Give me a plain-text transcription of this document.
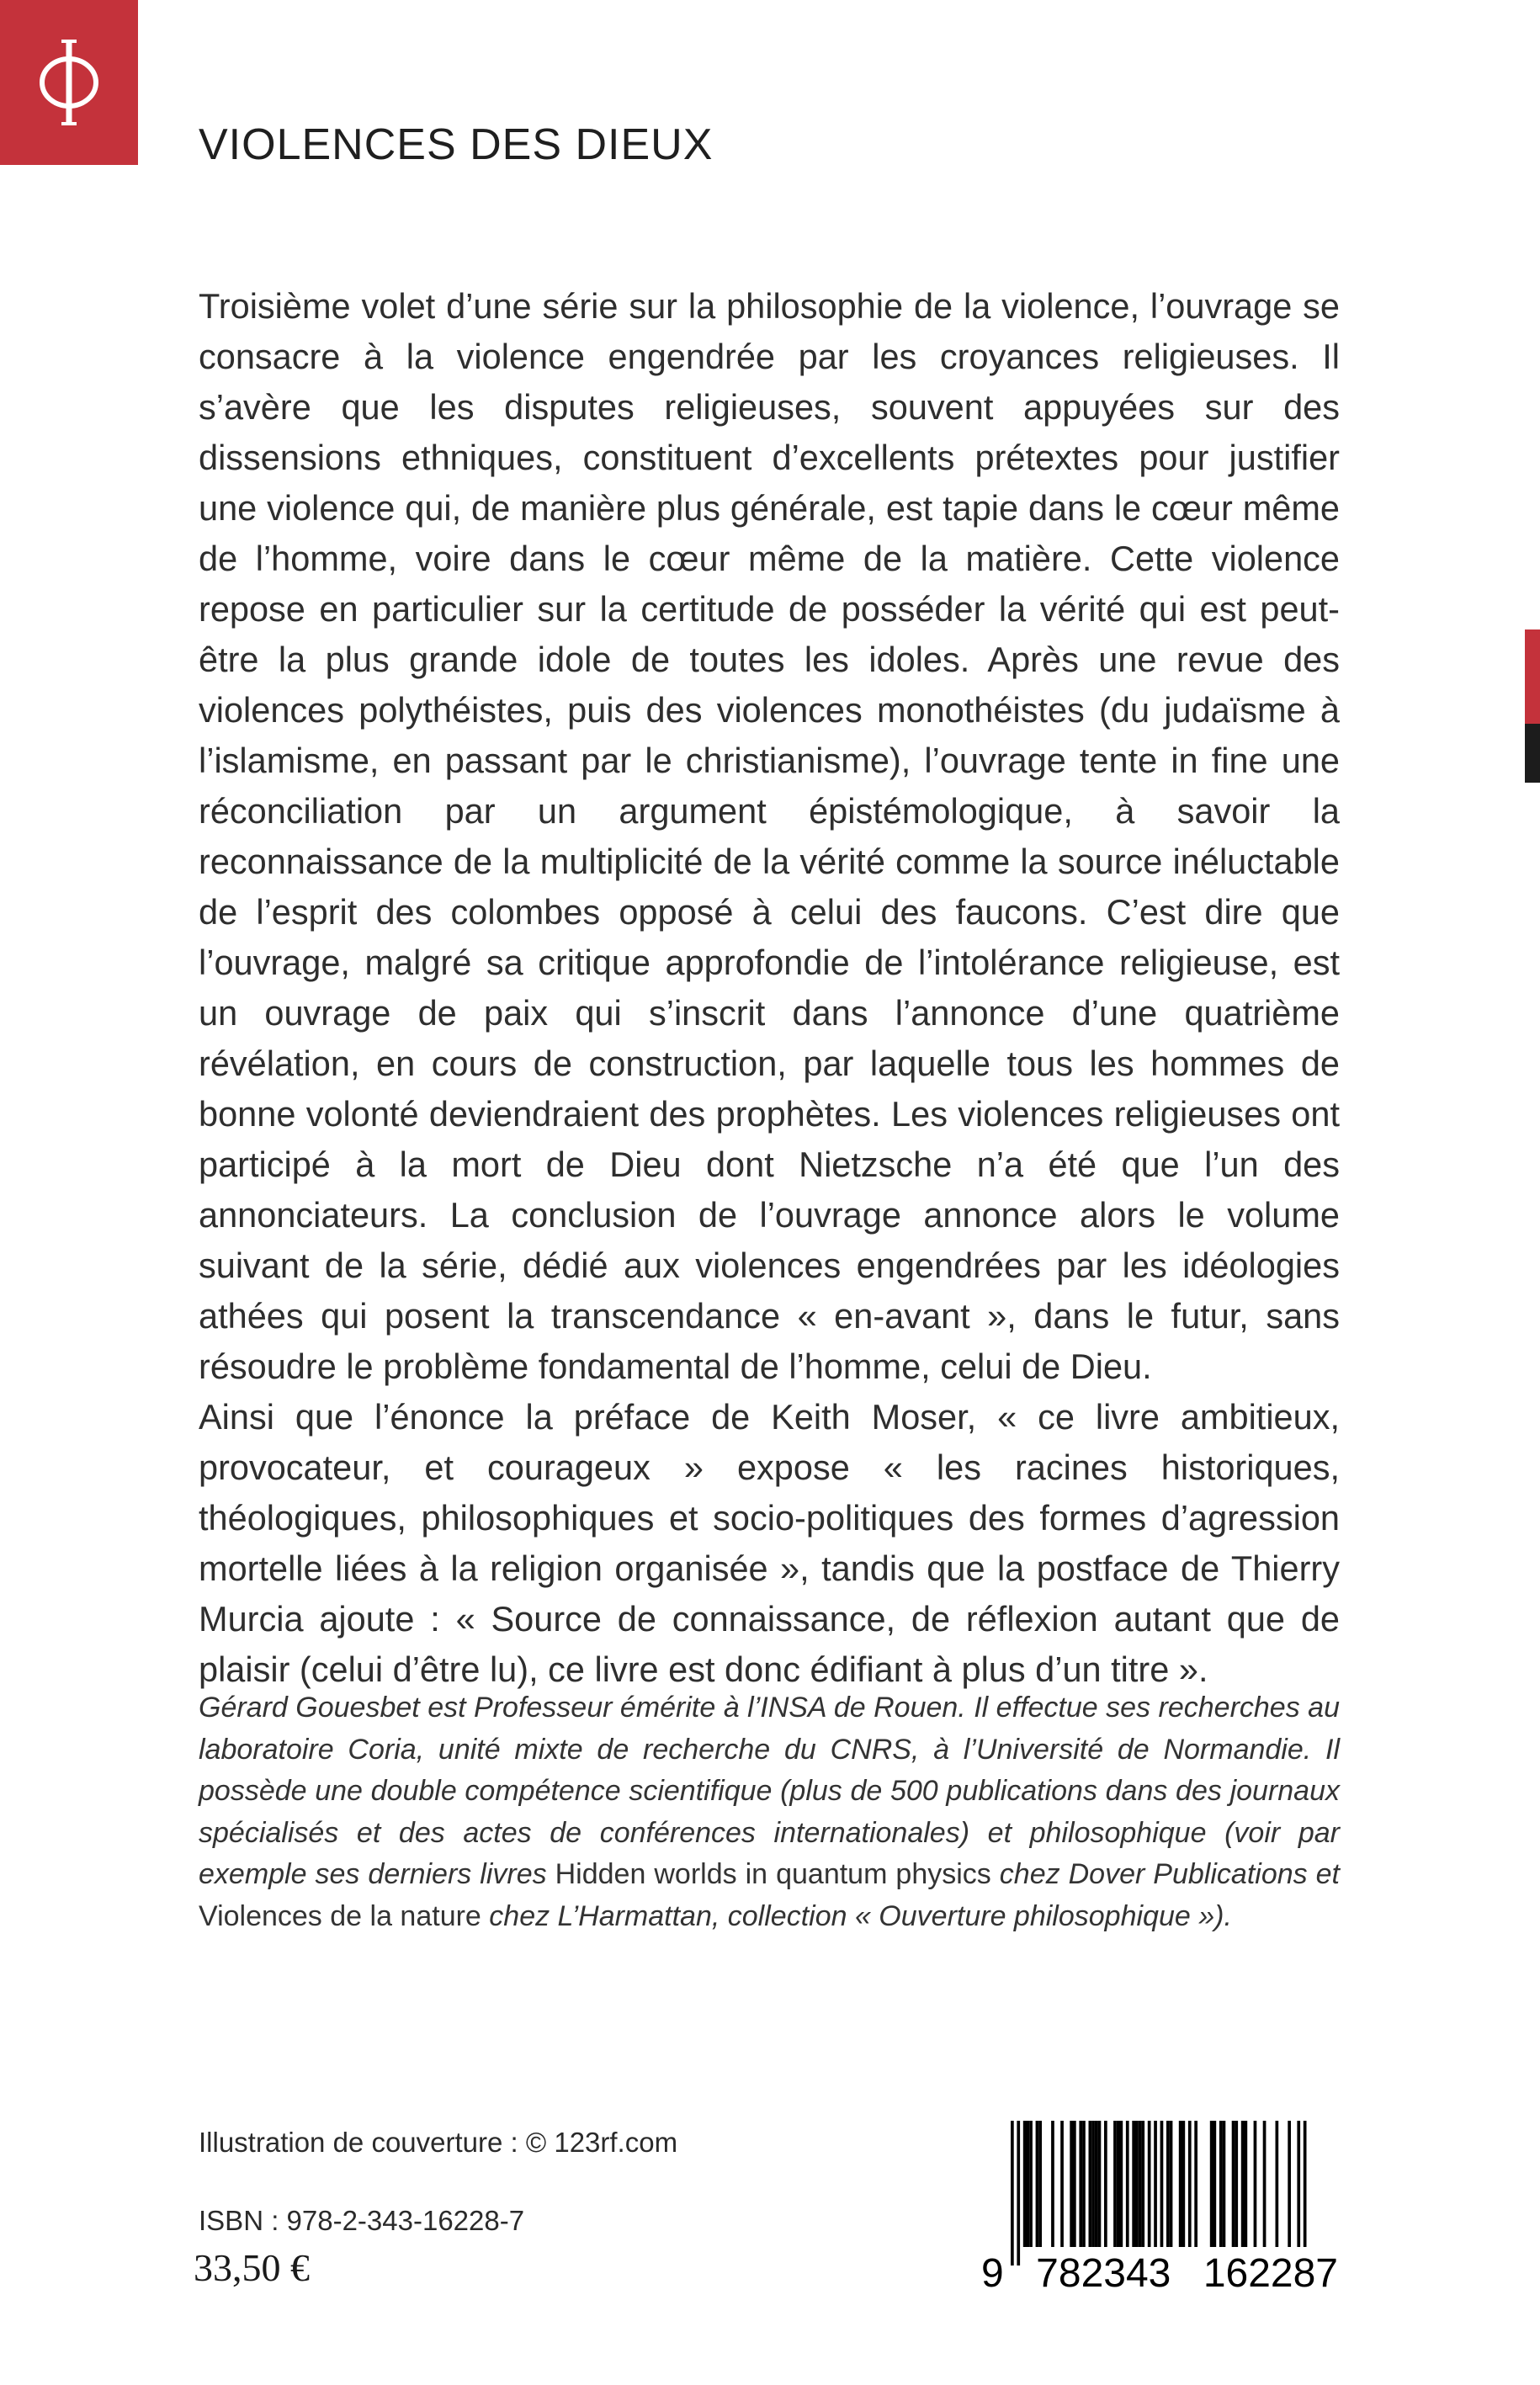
VIOLENCES DES DIEUX

Troisième volet d’une série sur la philosophie de la violence, l’ouvrage se consacre à la violence engendrée par les croyances religieuses. Il s’avère que les disputes religieuses, souvent appuyées sur des dissensions ethniques, constituent d’excellents prétextes pour justifier une violence qui, de manière plus générale, est tapie dans le cœur même de l’homme, voire dans le cœur même de la matière. Cette violence repose en particulier sur la certitude de posséder la vérité qui est peut-être la plus grande idole de toutes les idoles. Après une revue des violences polythéistes, puis des violences monothéistes (du judaïsme à l’islamisme, en passant par le christianisme), l’ouvrage tente in fine une réconciliation par un argument épistémologique, à savoir la reconnaissance de la multiplicité de la vérité comme la source inéluctable de l’esprit des colombes opposé à celui des faucons. C’est dire que l’ouvrage, malgré sa critique approfondie de l’intolérance religieuse, est un ouvrage de paix qui s’inscrit dans l’annonce d’une quatrième révélation, en cours de construction, par laquelle tous les hommes de bonne volonté deviendraient des prophètes. Les violences religieuses ont participé à la mort de Dieu dont Nietzsche n’a été que l’un des annonciateurs. La conclusion de l’ouvrage annonce alors le volume suivant de la série, dédié aux violences engendrées par les idéologies athées qui posent la transcendance « en-avant », dans le futur, sans résoudre le problème fondamental de l’homme, celui de Dieu.

Ainsi que l’énonce la préface de Keith Moser, « ce livre ambitieux, provocateur, et courageux » expose « les racines historiques, théologiques, philosophiques et socio-politiques des formes d’agression mortelle liées à la religion organisée », tandis que la postface de Thierry Murcia ajoute : « Source de connaissance, de réflexion autant que de plaisir (celui d’être lu), ce livre est donc édifiant à plus d’un titre ».

Gérard Gouesbet est Professeur émérite à l’INSA de Rouen. Il effectue ses recherches au laboratoire Coria, unité mixte de recherche du CNRS, à l’Université de Normandie. Il possède une double compétence scientifique (plus de 500 publications dans des journaux spécialisés et des actes de conférences internationales) et philosophique (voir par exemple ses derniers livres Hidden worlds in quantum physics chez Dover Publications et Violences de la nature chez L’Harmattan, collection « Ouverture philosophique »).

Illustration de couverture : © 123rf.com
ISBN : 978-2-343-16228-7
33,50 €	9 782343 162287
